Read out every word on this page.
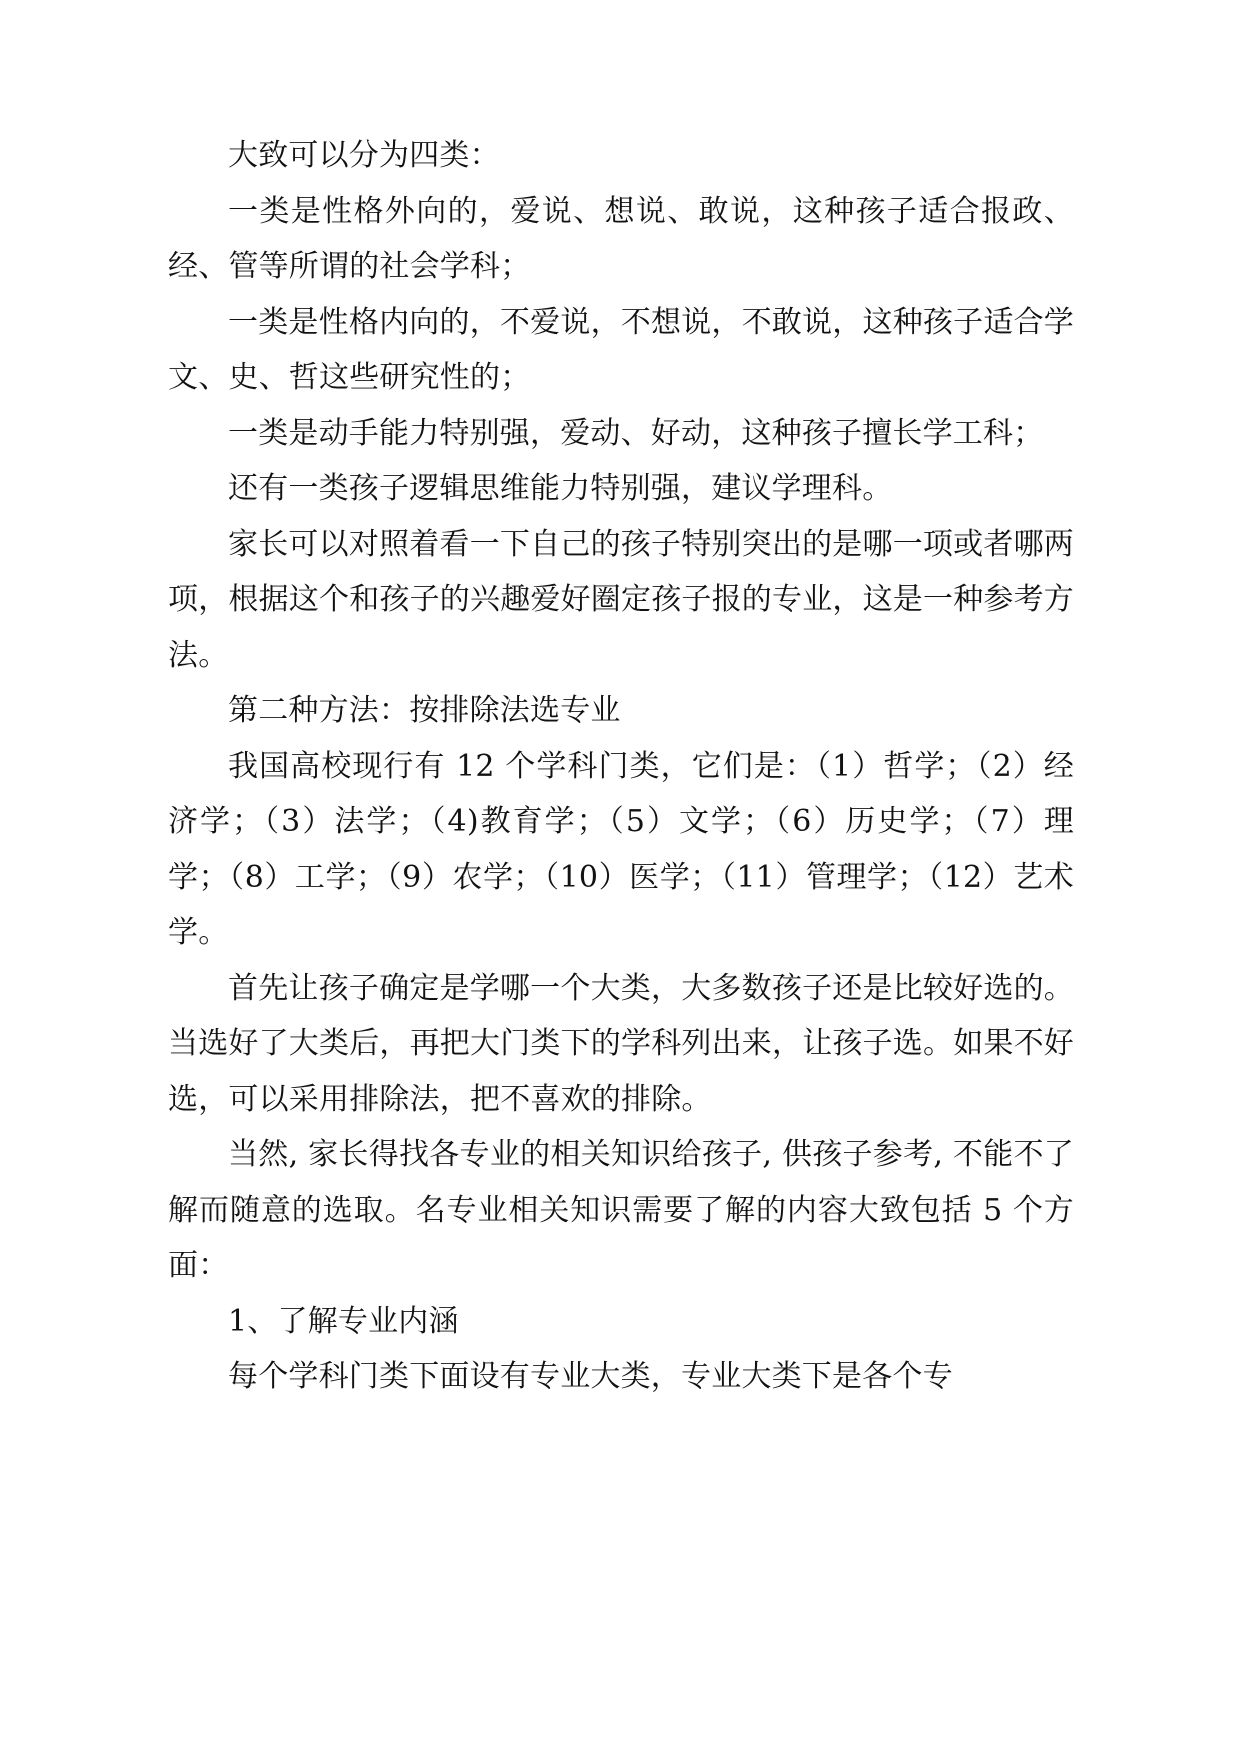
大致可以分为四类：

一类是性格外向的，爱说、想说、敢说，这种孩子适合报政、经、管等所谓的社会学科；

一类是性格内向的，不爱说，不想说，不敢说，这种孩子适合学文、史、哲这些研究性的；

一类是动手能力特别强，爱动、好动，这种孩子擅长学工科；

还有一类孩子逻辑思维能力特别强，建议学理科。

家长可以对照着看一下自己的孩子特别突出的是哪一项或者哪两项，根据这个和孩子的兴趣爱好圈定孩子报的专业，这是一种参考方法。

第二种方法：按排除法选专业

我国高校现行有 12 个学科门类，它们是：（1）哲学；（2）经济学；（3）法学；（4)教育学；（5）文学；（6）历史学；（7）理学；（8）工学；（9）农学；（10）医学；（11）管理学；（12）艺术学。

首先让孩子确定是学哪一个大类，大多数孩子还是比较好选的。当选好了大类后，再把大门类下的学科列出来，让孩子选。如果不好选，可以采用排除法，把不喜欢的排除。

当然, 家长得找各专业的相关知识给孩子, 供孩子参考, 不能不了解而随意的选取。名专业相关知识需要了解的内容大致包括 5 个方面：

1、了解专业内涵

每个学科门类下面设有专业大类，专业大类下是各个专
